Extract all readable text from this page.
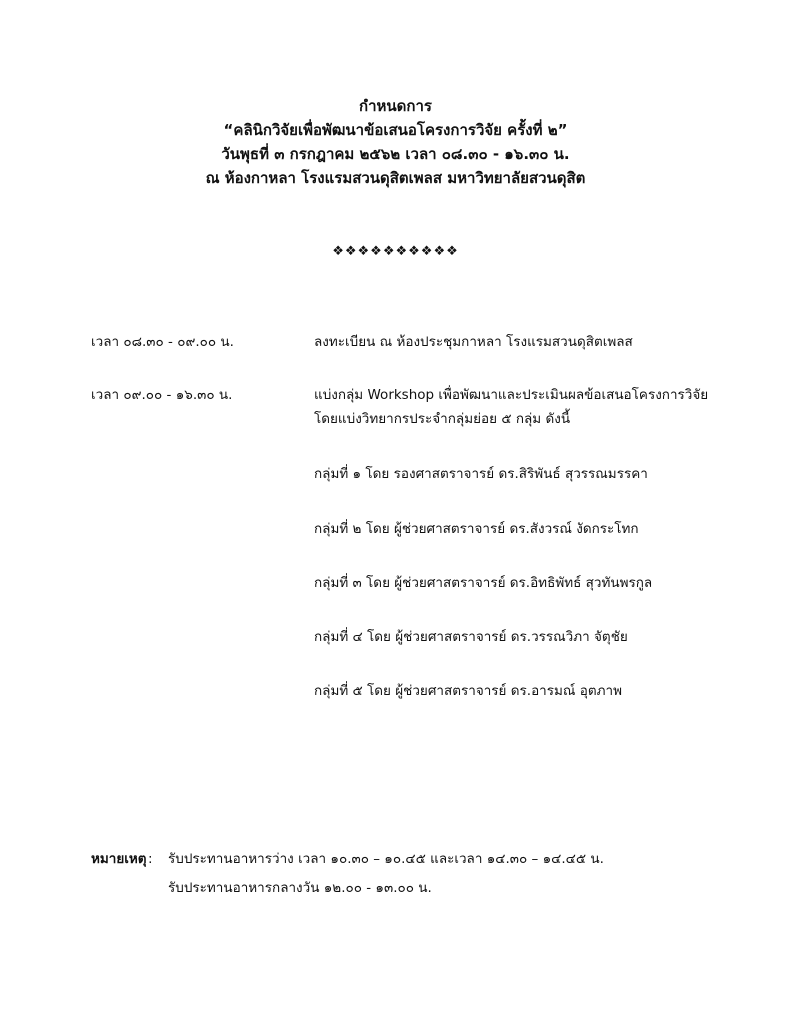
กำหนดการ
“คลินิกวิจัยเพื่อพัฒนาข้อเสนอโครงการวิจัย ครั้งที่ ๒”
วันพุธที่ ๓ กรกฎาคม ๒๕๖๒ เวลา ๐๘.๓๐ - ๑๖.๓๐ น.
ณ ห้องกาหลา โรงแรมสวนดุสิตเพลส มหาวิทยาลัยสวนดุสิต
❖❖❖❖❖❖❖❖❖❖
เวลา ๐๘.๓๐ - ๐๙.๐๐ น.	ลงทะเบียน ณ ห้องประชุมกาหลา โรงแรมสวนดุสิตเพลส
เวลา ๐๙.๐๐ - ๑๖.๓๐ น.	แบ่งกลุ่ม Workshop เพื่อพัฒนาและประเมินผลข้อเสนอโครงการวิจัย
โดยแบ่งวิทยากรประจำกลุ่มย่อย ๕ กลุ่ม ดังนี้
กลุ่มที่ ๑ โดย รองศาสตราจารย์ ดร.สิริพันธ์ สุวรรณมรรคา
กลุ่มที่ ๒ โดย ผู้ช่วยศาสตราจารย์ ดร.สังวรณ์ งัดกระโทก
กลุ่มที่ ๓ โดย ผู้ช่วยศาสตราจารย์ ดร.อิทธิพัทธ์ สุวทันพรกูล
กลุ่มที่ ๔ โดย ผู้ช่วยศาสตราจารย์ ดร.วรรณวิภา จัตุชัย
กลุ่มที่ ๕ โดย ผู้ช่วยศาสตราจารย์ ดร.อารมณ์ อุตภาพ
หมายเหตุ: รับประทานอาหารว่าง เวลา ๑๐.๓๐ – ๑๐.๔๕ และเวลา ๑๔.๓๐ – ๑๔.๔๕ น.
รับประทานอาหารกลางวัน ๑๒.๐๐ - ๑๓.๐๐ น.
